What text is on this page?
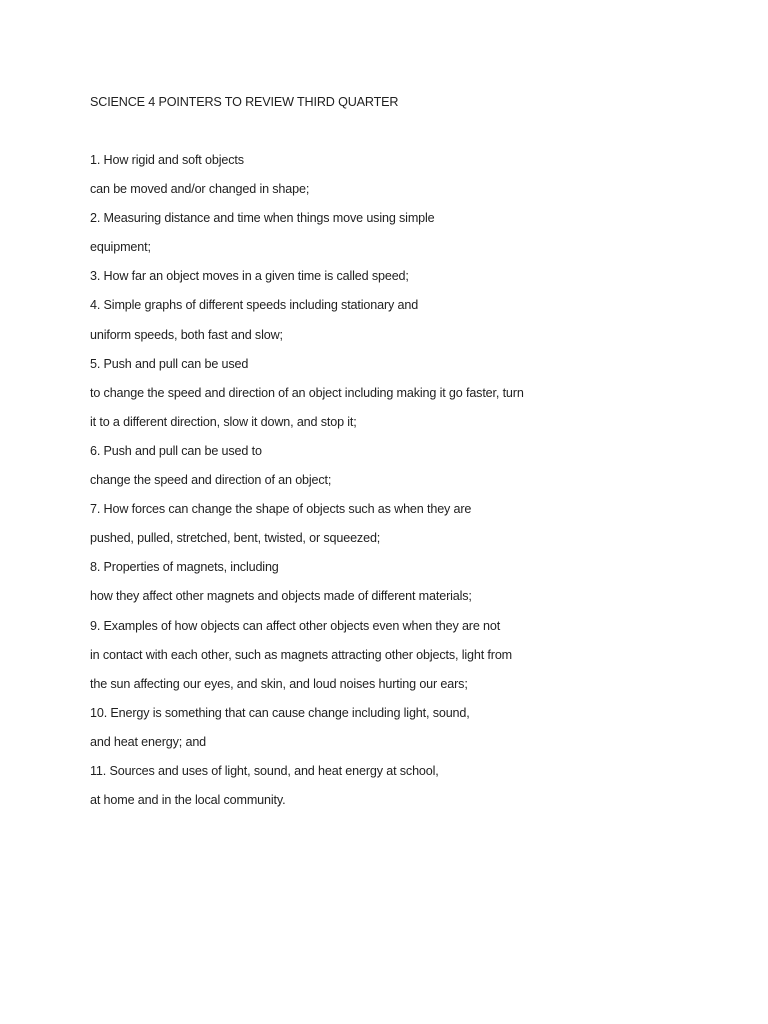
SCIENCE 4 POINTERS TO REVIEW THIRD QUARTER
1. How rigid and soft objects
can be moved and/or changed in shape;
2. Measuring distance and time when things move using simple
equipment;
3. How far an object moves in a given time is called speed;
4. Simple graphs of different speeds including stationary and
uniform speeds, both fast and slow;
5. Push and pull can be used
to change the speed and direction of an object including making it go faster, turn
it to a different direction, slow it down, and stop it;
6. Push and pull can be used to
change the speed and direction of an object;
7. How forces can change the shape of objects such as when they are
pushed, pulled, stretched, bent, twisted, or squeezed;
8. Properties of magnets, including
how they affect other magnets and objects made of different materials;
9. Examples of how objects can affect other objects even when they are not
in contact with each other, such as magnets attracting other objects, light from
the sun affecting our eyes, and skin, and loud noises hurting our ears;
10. Energy is something that can cause change including light, sound,
and heat energy; and
11. Sources and uses of light, sound, and heat energy at school,
at home and in the local community.
